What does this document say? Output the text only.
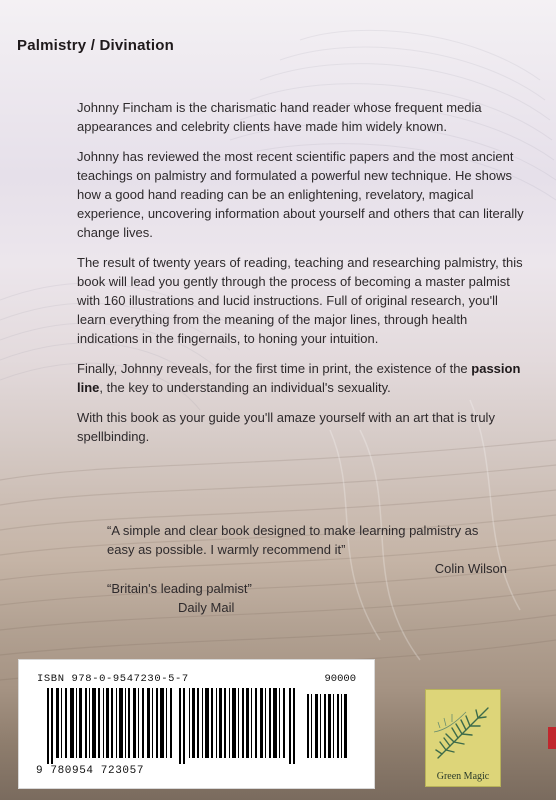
Palmistry / Divination

Johnny Fincham is the charismatic hand reader whose frequent media appearances and celebrity clients have made him widely known.

Johnny has reviewed the most recent scientific papers and the most ancient teachings on palmistry and formulated a powerful new technique. He shows how a good hand reading can be an enlightening, revelatory, magical experience, uncovering information about yourself and others that can literally change lives.

The result of twenty years of reading, teaching and researching palmistry, this book will lead you gently through the process of becoming a master palmist with 160 illustrations and lucid instructions. Full of original research, you'll learn everything from the meaning of the major lines, through health indications in the fingernails, to honing your intuition.

Finally, Johnny reveals, for the first time in print, the existence of the passion line, the key to understanding an individual's sexuality.

With this book as your guide you'll amaze yourself with an art that is truly spellbinding.

“A simple and clear book designed to make learning palmistry as easy as possible. I warmly recommend it”
Colin Wilson
“Britain's leading palmist”
Daily Mail
ISBN 978-0-9547230-5-7	90000
9 780954 723057	Green Magic
